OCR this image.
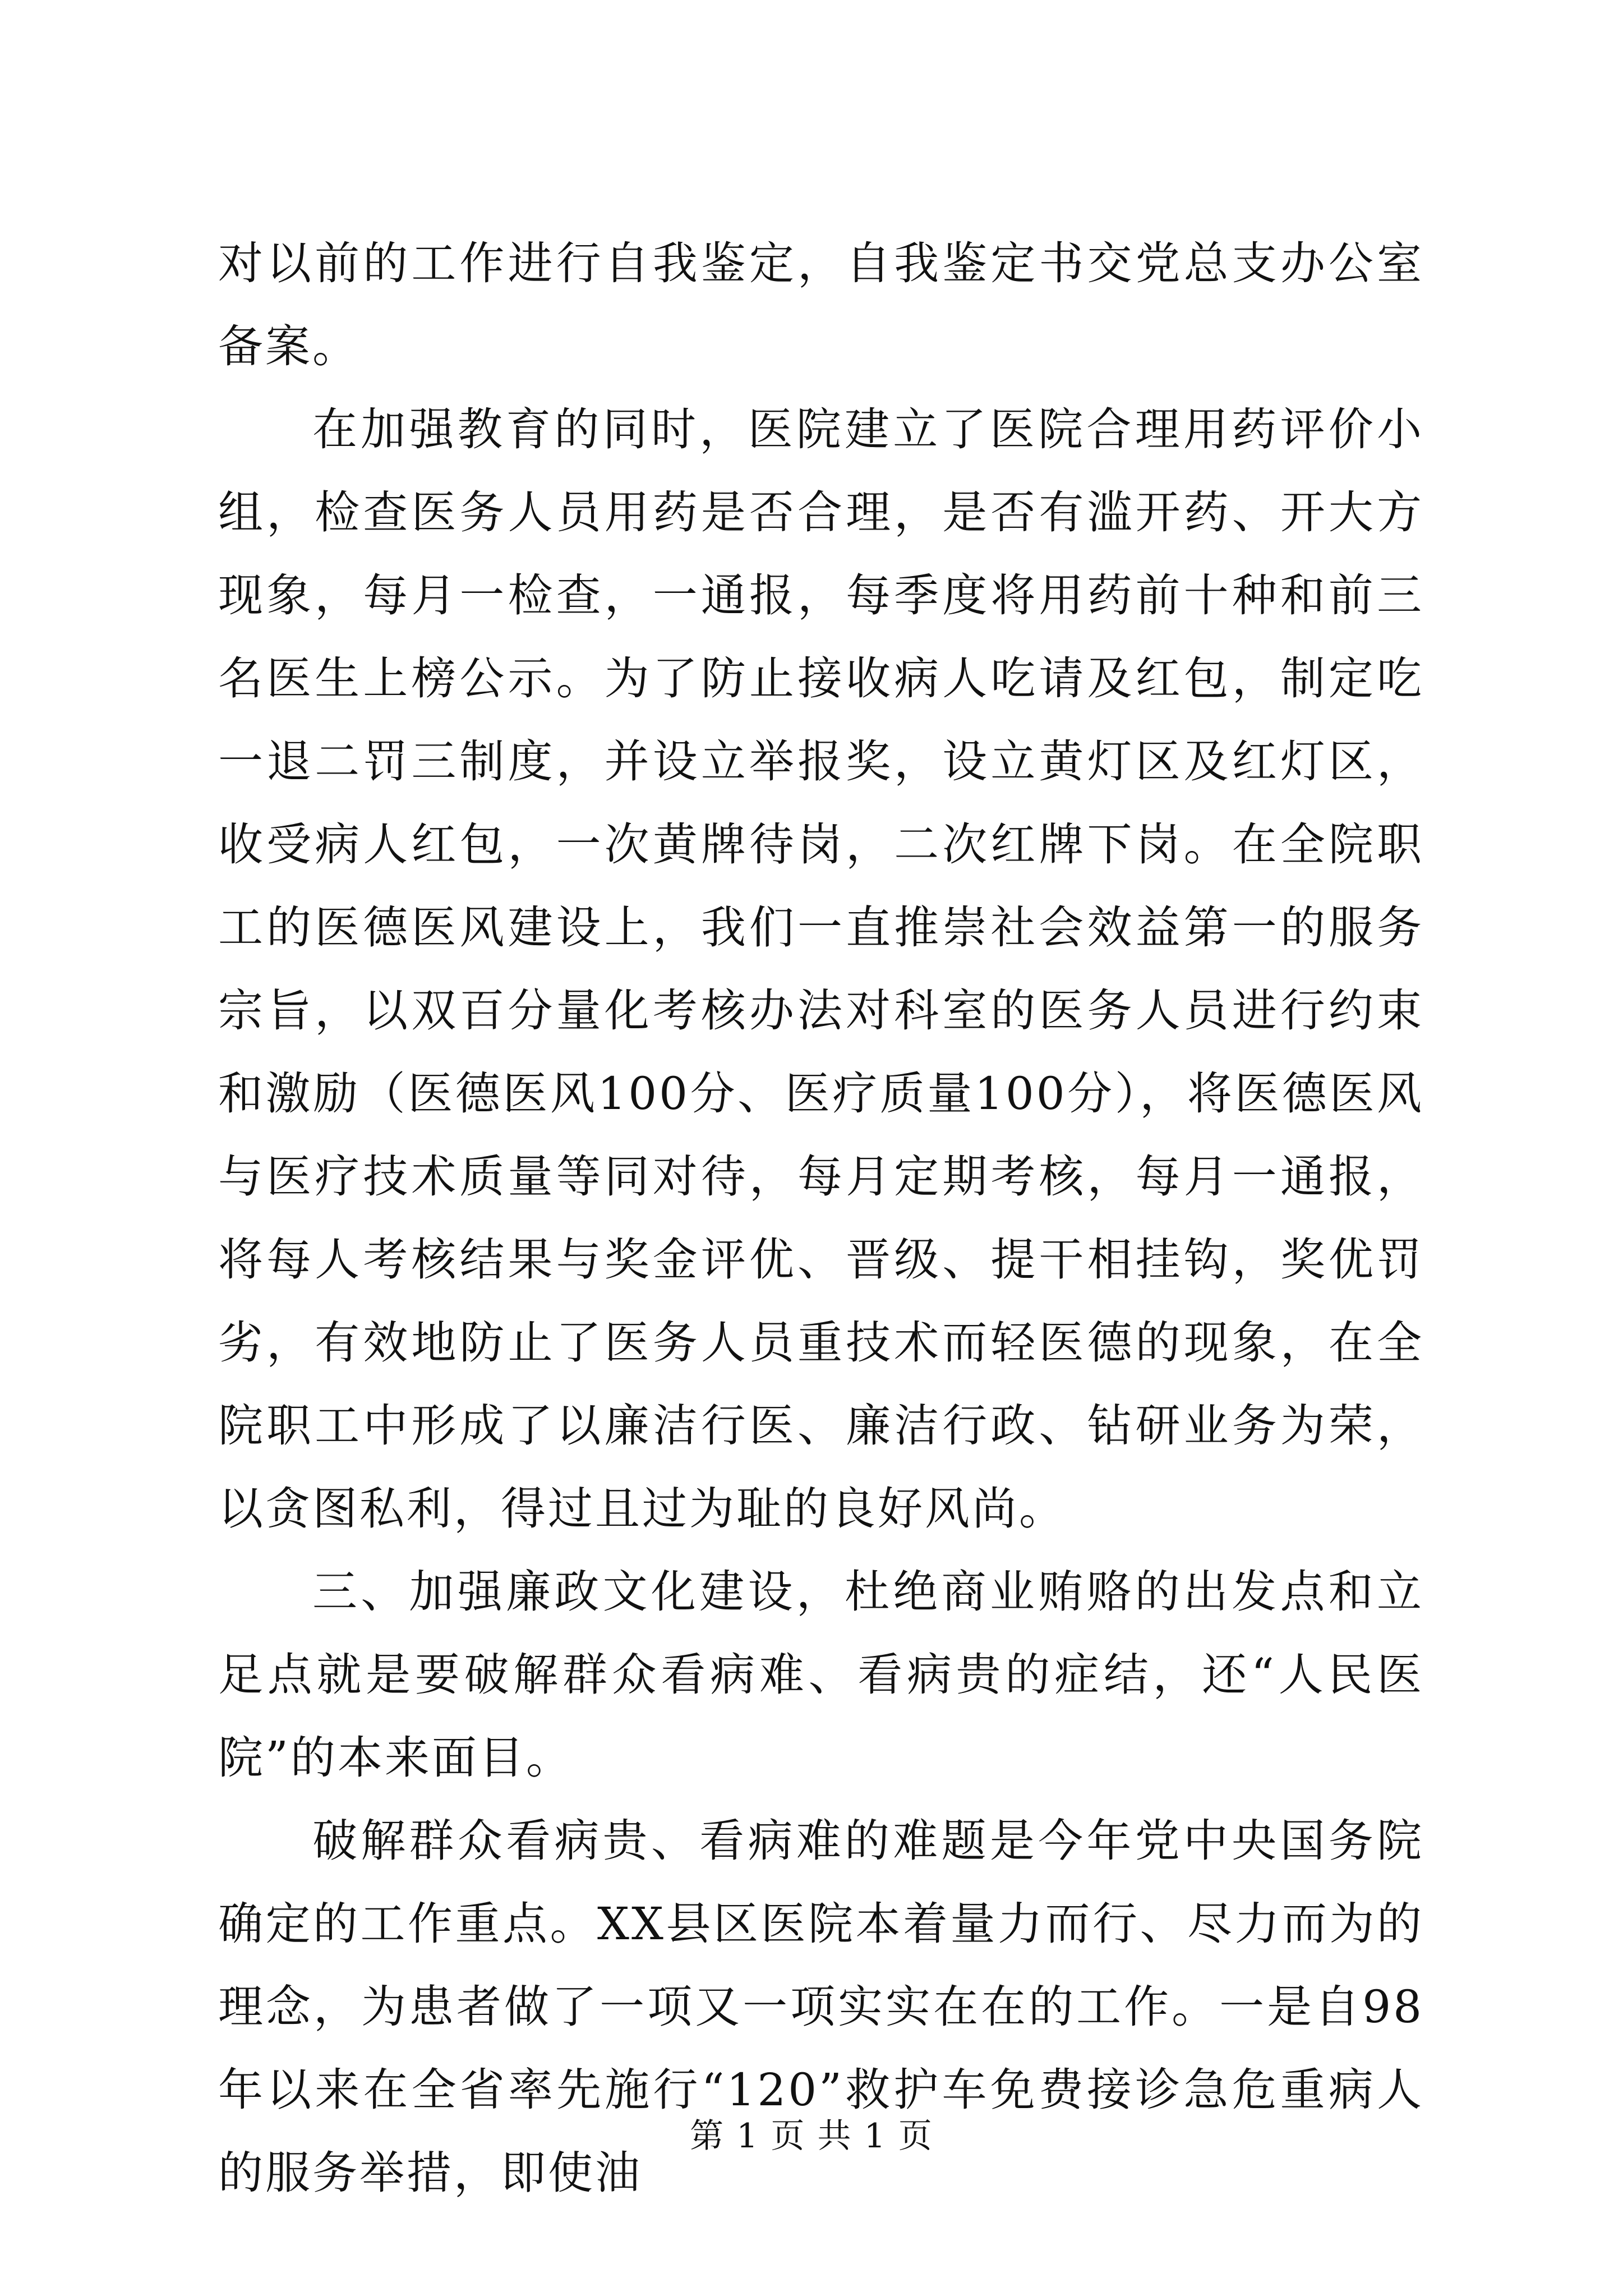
对以前的工作进行自我鉴定，自我鉴定书交党总支办公室备案。

在加强教育的同时，医院建立了医院合理用药评价小组，检查医务人员用药是否合理，是否有滥开药、开大方现象，每月一检查，一通报，每季度将用药前十种和前三名医生上榜公示。为了防止接收病人吃请及红包，制定吃一退二罚三制度，并设立举报奖，设立黄灯区及红灯区，收受病人红包，一次黄牌待岗，二次红牌下岗。在全院职工的医德医风建设上，我们一直推崇社会效益第一的服务宗旨，以双百分量化考核办法对科室的医务人员进行约束和激励（医德医风100分、医疗质量100分），将医德医风与医疗技术质量等同对待，每月定期考核，每月一通报，将每人考核结果与奖金评优、晋级、提干相挂钩，奖优罚劣，有效地防止了医务人员重技术而轻医德的现象，在全院职工中形成了以廉洁行医、廉洁行政、钻研业务为荣，以贪图私利，得过且过为耻的良好风尚。

三、加强廉政文化建设，杜绝商业贿赂的出发点和立足点就是要破解群众看病难、看病贵的症结，还“人民医院”的本来面目。

破解群众看病贵、看病难的难题是今年党中央国务院确定的工作重点。XX县区医院本着量力而行、尽力而为的理念，为患者做了一项又一项实实在在的工作。一是自98年以来在全省率先施行“120”救护车免费接诊急危重病人的服务举措，即使油

第 1 页 共 1 页
